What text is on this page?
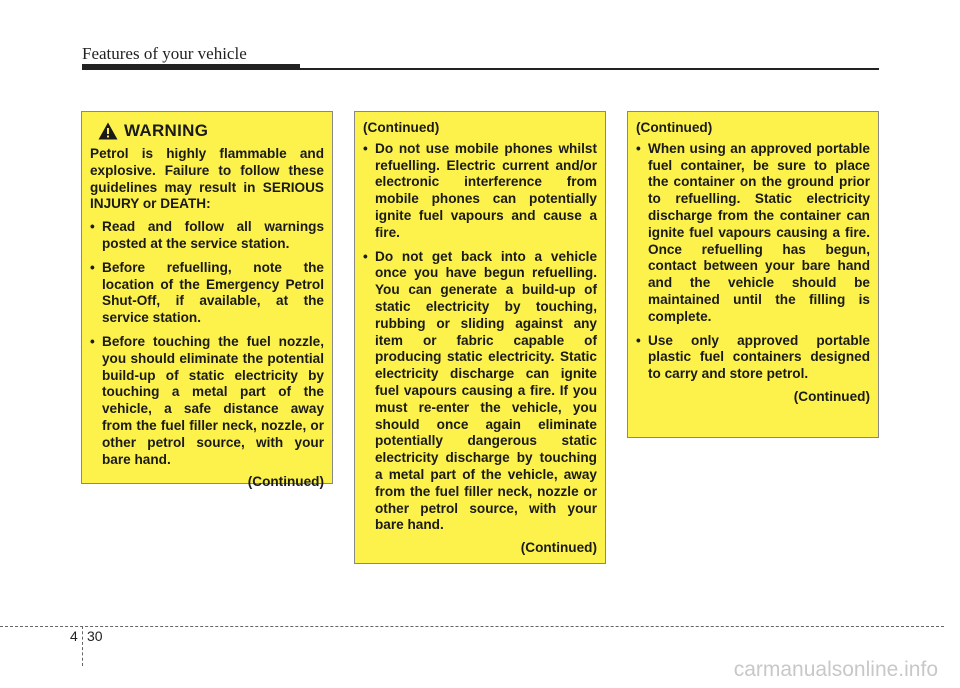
Features of your vehicle
WARNING

Petrol is highly flammable and explosive. Failure to follow these guidelines may result in SERIOUS INJURY or DEATH:

• Read and follow all warnings posted at the service station.
• Before refuelling, note the location of the Emergency Petrol Shut-Off, if available, at the service station.
• Before touching the fuel nozzle, you should eliminate the potential build-up of static electricity by touching a metal part of the vehicle, a safe distance away from the fuel filler neck, nozzle, or other petrol source, with your bare hand.
(Continued)
(Continued)
• Do not use mobile phones whilst refuelling. Electric current and/or electronic interference from mobile phones can potentially ignite fuel vapours and cause a fire.
• Do not get back into a vehicle once you have begun refuelling. You can generate a build-up of static electricity by touching, rubbing or sliding against any item or fabric capable of producing static electricity. Static electricity discharge can ignite fuel vapours causing a fire. If you must re-enter the vehicle, you should once again eliminate potentially dangerous static electricity discharge by touching a metal part of the vehicle, away from the fuel filler neck, nozzle or other petrol source, with your bare hand.
(Continued)
(Continued)
• When using an approved portable fuel container, be sure to place the container on the ground prior to refuelling. Static electricity discharge from the container can ignite fuel vapours causing a fire. Once refuelling has begun, contact between your bare hand and the vehicle should be maintained until the filling is complete.
• Use only approved portable plastic fuel containers designed to carry and store petrol.
(Continued)
4 30
carmanualsonline.info
